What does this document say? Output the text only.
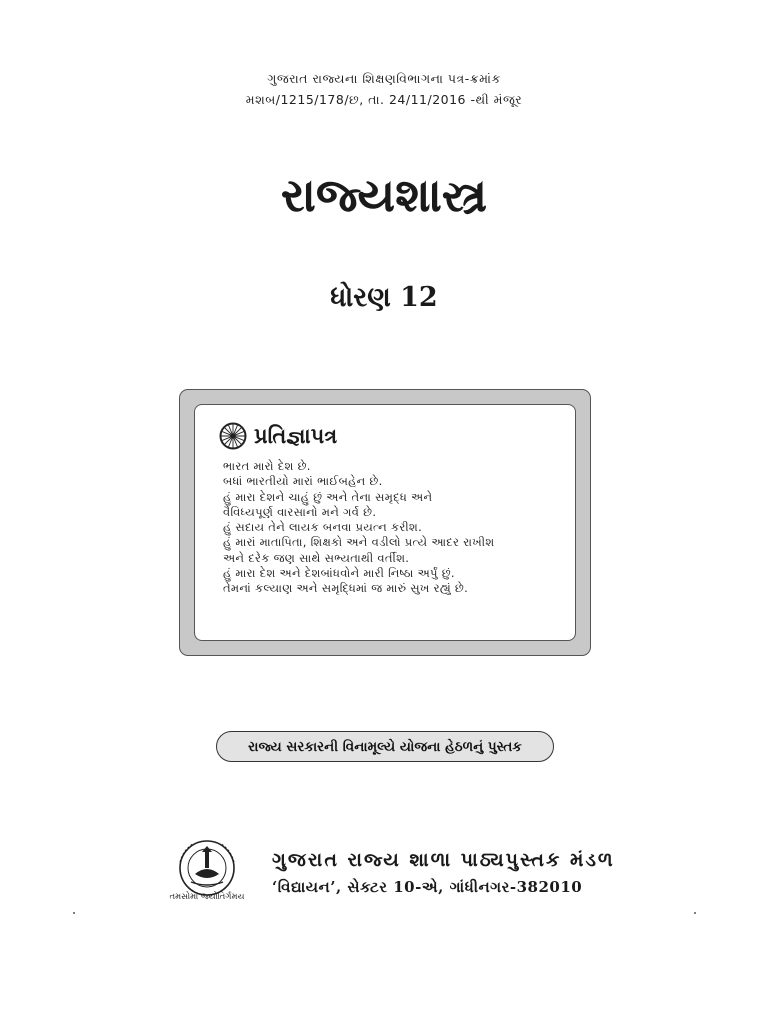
ગુજરાત રાજ્યના શિક્ષણવિભાગના પત્ર-ક્રમાંક
મશબ/1215/178/છ, તા. 24/11/2016 -થી મંજૂર
રાજ્યશાસ્ત્ર
ધોરણ 12
પ્રતિજ્ઞાપત્ર
ભારત મારો દેશ છે.
બધાં ભારતીયો મારાં ભાઈબહેન છે.
હું મારા દેશને ચાહું છું અને તેના સમૃદ્ધ અને
વૈવિધ્યપૂર્ણ વારસાનો મને ગર્વ છે.
હું સદાય તેને લાયક બનવા પ્રયત્ન કરીશ.
હું મારાં માતાપિતા, શિક્ષકો અને વડીલો પ્રત્યે આદર રાખીશ
અને દરેક જણ સાથે સભ્યતાથી વર્તીશ.
હું મારા દેશ અને દેશબાંધવોને મારી નિષ્ઠા અર્પું છું.
તેમનાં કલ્યાણ અને સમૃદ્ધિમાં જ મારું સુખ રહ્યું છે.
રાજ્ય સરકારની વિનામૂલ્યે યોજના હેઠળનું પુસ્તક
તમસોમા જ્યોતિર્ગમય
ગુજરાત રાજ્ય શાળા પાઠ્યપુસ્તક મંડળ
‘વિદ્યાયન’, સેક્ટર 10-એ, ગાંધીનગર-382010
